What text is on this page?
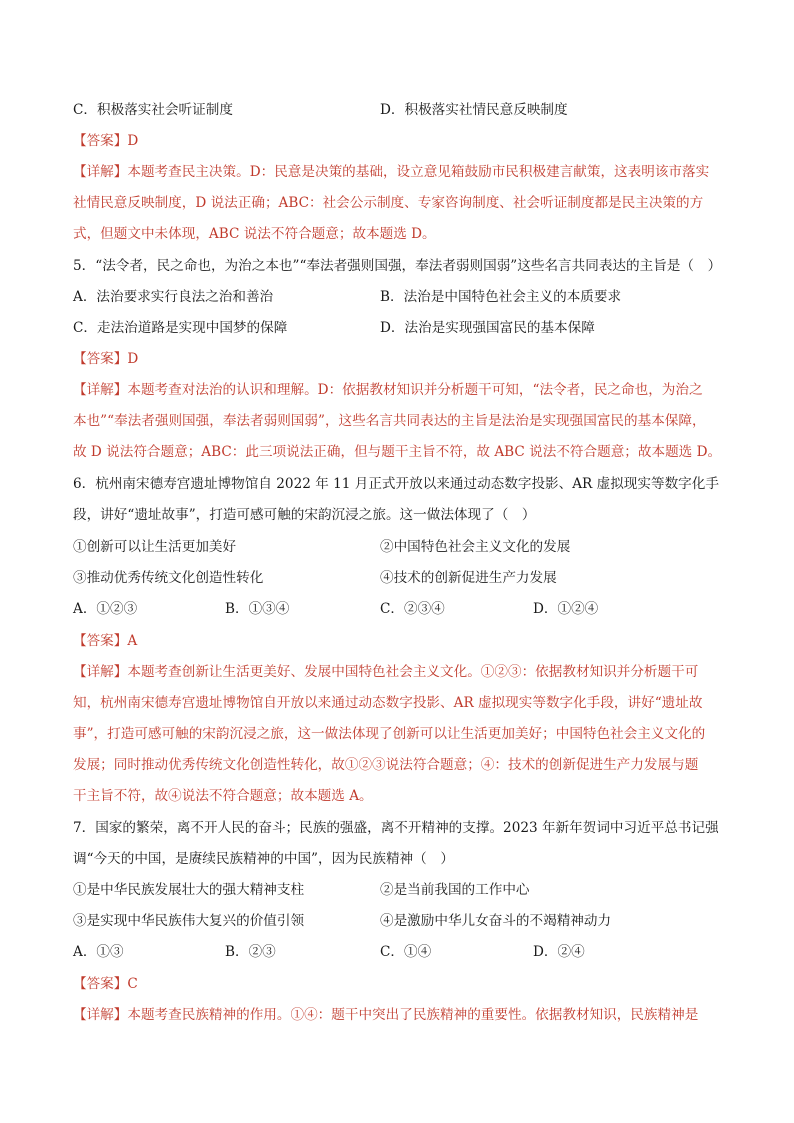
C．积极落实社会听证制度	D．积极落实社情民意反映制度
【答案】D
【详解】本题考查民主决策。D：民意是决策的基础，设立意见箱鼓励市民积极建言献策，这表明该市落实
社情民意反映制度，D 说法正确；ABC：社会公示制度、专家咨询制度、社会听证制度都是民主决策的方
式，但题文中未体现，ABC 说法不符合题意；故本题选 D。
5．“法令者，民之命也，为治之本也”“奉法者强则国强，奉法者弱则国弱”这些名言共同表达的主旨是（　）
A．法治要求实行良法之治和善治	B．法治是中国特色社会主义的本质要求
C．走法治道路是实现中国梦的保障	D．法治是实现强国富民的基本保障
【答案】D
【详解】本题考查对法治的认识和理解。D：依据教材知识并分析题干可知，“法令者，民之命也，为治之
本也”“奉法者强则国强，奉法者弱则国弱”，这些名言共同表达的主旨是法治是实现强国富民的基本保障，
故 D 说法符合题意；ABC：此三项说法正确，但与题干主旨不符，故 ABC 说法不符合题意；故本题选 D。
6．杭州南宋德寿宫遗址博物馆自 2022 年 11 月正式开放以来通过动态数字投影、AR 虚拟现实等数字化手
段，讲好“遗址故事”，打造可感可触的宋韵沉浸之旅。这一做法体现了（　）
①创新可以让生活更加美好	②中国特色社会主义文化的发展
③推动优秀传统文化创造性转化	④技术的创新促进生产力发展
A．①②③	B．①③④	C．②③④	D．①②④
【答案】A
【详解】本题考查创新让生活更美好、发展中国特色社会主义文化。①②③：依据教材知识并分析题干可
知，杭州南宋德寿宫遗址博物馆自开放以来通过动态数字投影、AR 虚拟现实等数字化手段，讲好“遗址故
事”，打造可感可触的宋韵沉浸之旅，这一做法体现了创新可以让生活更加美好；中国特色社会主义文化的
发展；同时推动优秀传统文化创造性转化，故①②③说法符合题意；④：技术的创新促进生产力发展与题
干主旨不符，故④说法不符合题意；故本题选 A。
7．国家的繁荣，离不开人民的奋斗；民族的强盛，离不开精神的支撑。2023 年新年贺词中习近平总书记强
调“今天的中国，是赓续民族精神的中国”，因为民族精神（　）
①是中华民族发展壮大的强大精神支柱	②是当前我国的工作中心
③是实现中华民族伟大复兴的价值引领	④是激励中华儿女奋斗的不竭精神动力
A．①③	B．②③	C．①④	D．②④
【答案】C
【详解】本题考查民族精神的作用。①④：题干中突出了民族精神的重要性。依据教材知识，民族精神是
